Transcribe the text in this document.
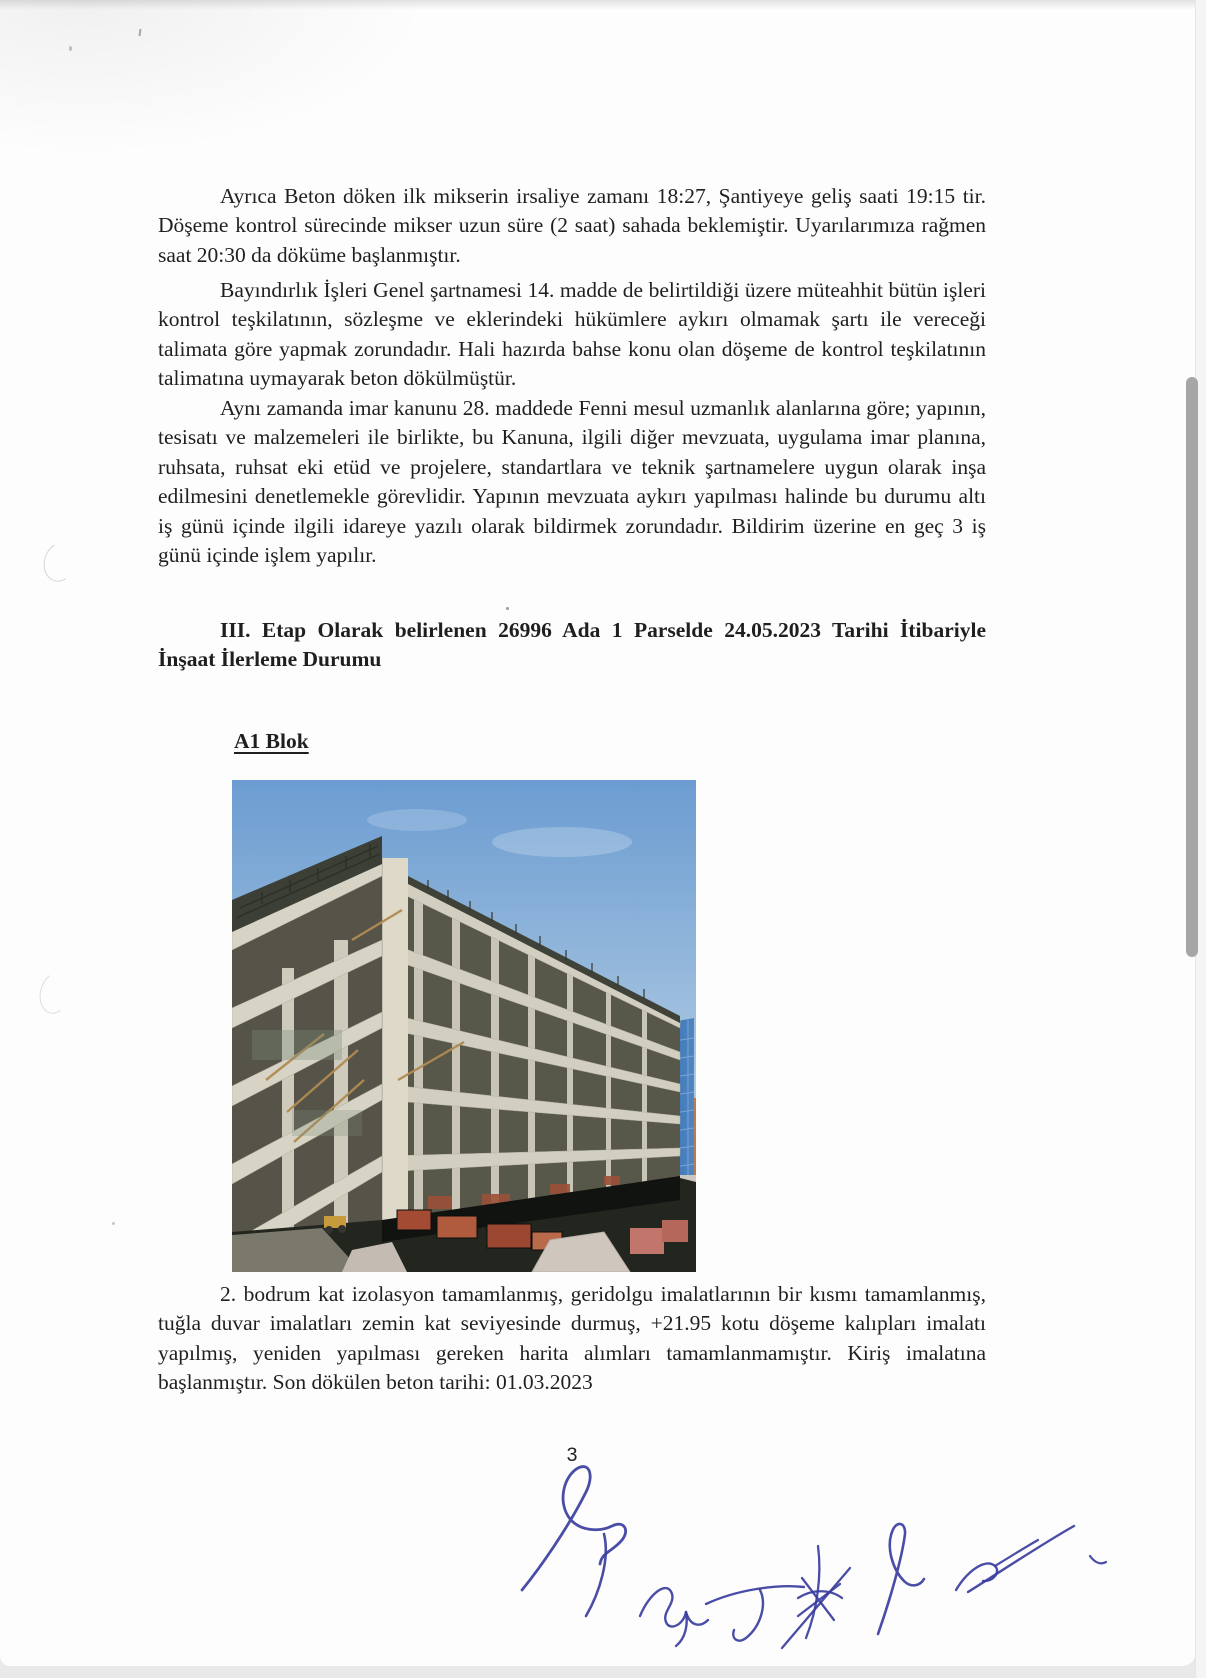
Ayrıca Beton döken ilk mikserin irsaliye zamanı 18:27, Şantiyeye geliş saati 19:15 tir. Döşeme kontrol sürecinde mikser uzun süre (2 saat) sahada beklemiştir. Uyarılarımıza rağmen saat 20:30 da döküme başlanmıştır.

Bayındırlık İşleri Genel şartnamesi 14. madde de belirtildiği üzere müteahhit bütün işleri kontrol teşkilatının, sözleşme ve eklerindeki hükümlere aykırı olmamak şartı ile vereceği talimata göre yapmak zorundadır. Hali hazırda bahse konu olan döşeme de kontrol teşkilatının talimatına uymayarak beton dökülmüştür.

Aynı zamanda imar kanunu 28. maddede Fenni mesul uzmanlık alanlarına göre; yapının, tesisatı ve malzemeleri ile birlikte, bu Kanuna, ilgili diğer mevzuata, uygulama imar planına, ruhsata, ruhsat eki etüd ve projelere, standartlara ve teknik şartnamelere uygun olarak inşa edilmesini denetlemekle görevlidir. Yapının mevzuata aykırı yapılması halinde bu durumu altı iş günü içinde ilgili idareye yazılı olarak bildirmek zorundadır. Bildirim üzerine en geç 3 iş günü içinde işlem yapılır.

III. Etap Olarak belirlenen 26996 Ada 1 Parselde 24.05.2023 Tarihi İtibariyle İnşaat İlerleme Durumu

A1 Blok

2. bodrum kat izolasyon tamamlanmış, geridolgu imalatlarının bir kısmı tamamlanmış, tuğla duvar imalatları zemin kat seviyesinde durmuş, +21.95 kotu döşeme kalıpları imalatı yapılmış, yeniden yapılması gereken harita alımları tamamlanmamıştır. Kiriş imalatına başlanmıştır. Son dökülen beton tarihi: 01.03.2023

3
